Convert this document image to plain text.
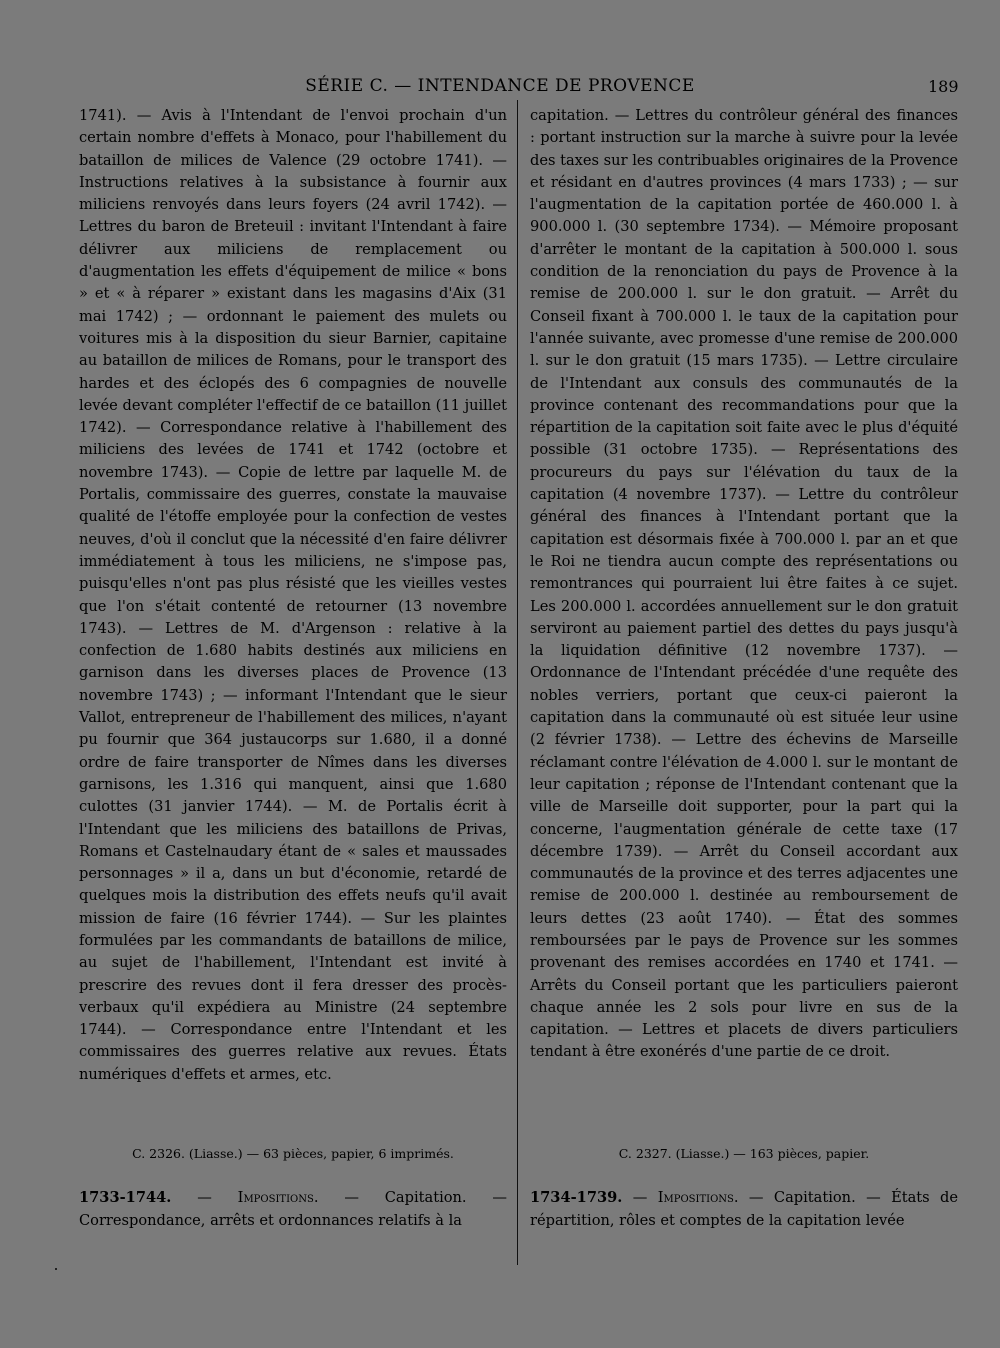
SÉRIE C. — INTENDANCE DE PROVENCE	189

1741). — Avis à l'Intendant de l'envoi prochain d'un certain nombre d'effets à Monaco, pour l'habillement du bataillon de milices de Valence (29 octobre 1741). — Instructions relatives à la subsistance à fournir aux miliciens renvoyés dans leurs foyers (24 avril 1742). — Lettres du baron de Breteuil : invitant l'Intendant à faire délivrer aux miliciens de remplacement ou d'augmentation les effets d'équipement de milice « bons » et « à réparer » existant dans les magasins d'Aix (31 mai 1742) ; — ordonnant le paiement des mulets ou voitures mis à la disposition du sieur Barnier, capitaine au bataillon de milices de Romans, pour le transport des hardes et des éclopés des 6 compagnies de nouvelle levée devant compléter l'effectif de ce bataillon (11 juillet 1742). — Correspondance relative à l'habillement des miliciens des levées de 1741 et 1742 (octobre et novembre 1743). — Copie de lettre par laquelle M. de Portalis, commissaire des guerres, constate la mauvaise qualité de l'étoffe employée pour la confection de vestes neuves, d'où il conclut que la nécessité d'en faire délivrer immédiatement à tous les miliciens, ne s'impose pas, puisqu'elles n'ont pas plus résisté que les vieilles vestes que l'on s'était contenté de retourner (13 novembre 1743). — Lettres de M. d'Argenson : relative à la confection de 1.680 habits destinés aux miliciens en garnison dans les diverses places de Provence (13 novembre 1743) ; — informant l'Intendant que le sieur Vallot, entrepreneur de l'habillement des milices, n'ayant pu fournir que 364 justaucorps sur 1.680, il a donné ordre de faire transporter de Nîmes dans les diverses garnisons, les 1.316 qui manquent, ainsi que 1.680 culottes (31 janvier 1744). — M. de Portalis écrit à l'Intendant que les miliciens des bataillons de Privas, Romans et Castelnaudary étant de « sales et maussades personnages » il a, dans un but d'économie, retardé de quelques mois la distribution des effets neufs qu'il avait mission de faire (16 février 1744). — Sur les plaintes formulées par les commandants de bataillons de milice, au sujet de l'habillement, l'Intendant est invité à prescrire des revues dont il fera dresser des procès-verbaux qu'il expédiera au Ministre (24 septembre 1744). — Correspondance entre l'Intendant et les commissaires des guerres relative aux revues. États numériques d'effets et armes, etc.

capitation. — Lettres du contrôleur général des finances : portant instruction sur la marche à suivre pour la levée des taxes sur les contribuables originaires de la Provence et résidant en d'autres provinces (4 mars 1733) ; — sur l'augmentation de la capitation portée de 460.000 l. à 900.000 l. (30 septembre 1734). — Mémoire proposant d'arrêter le montant de la capitation à 500.000 l. sous condition de la renonciation du pays de Provence à la remise de 200.000 l. sur le don gratuit. — Arrêt du Conseil fixant à 700.000 l. le taux de la capitation pour l'année suivante, avec promesse d'une remise de 200.000 l. sur le don gratuit (15 mars 1735). — Lettre circulaire de l'Intendant aux consuls des communautés de la province contenant des recommandations pour que la répartition de la capitation soit faite avec le plus d'équité possible (31 octobre 1735). — Représentations des procureurs du pays sur l'élévation du taux de la capitation (4 novembre 1737). — Lettre du contrôleur général des finances à l'Intendant portant que la capitation est désormais fixée à 700.000 l. par an et que le Roi ne tiendra aucun compte des représentations ou remontrances qui pourraient lui être faites à ce sujet. Les 200.000 l. accordées annuellement sur le don gratuit serviront au paiement partiel des dettes du pays jusqu'à la liquidation définitive (12 novembre 1737). — Ordonnance de l'Intendant précédée d'une requête des nobles verriers, portant que ceux-ci paieront la capitation dans la communauté où est située leur usine (2 février 1738). — Lettre des échevins de Marseille réclamant contre l'élévation de 4.000 l. sur le montant de leur capitation ; réponse de l'Intendant contenant que la ville de Marseille doit supporter, pour la part qui la concerne, l'augmentation générale de cette taxe (17 décembre 1739). — Arrêt du Conseil accordant aux communautés de la province et des terres adjacentes une remise de 200.000 l. destinée au remboursement de leurs dettes (23 août 1740). — État des sommes remboursées par le pays de Provence sur les sommes provenant des remises accordées en 1740 et 1741. — Arrêts du Conseil portant que les particuliers paieront chaque année les 2 sols pour livre en sus de la capitation. — Lettres et placets de divers particuliers tendant à être exonérés d'une partie de ce droit.

C. 2326. (Liasse.) — 63 pièces, papier, 6 imprimés.	C. 2327. (Liasse.) — 163 pièces, papier.
1733-1744. — Impositions. — Capitation. — Correspondance, arrêts et ordonnances relatifs à la
1734-1739. — Impositions. — Capitation. — États de répartition, rôles et comptes de la capitation levée
